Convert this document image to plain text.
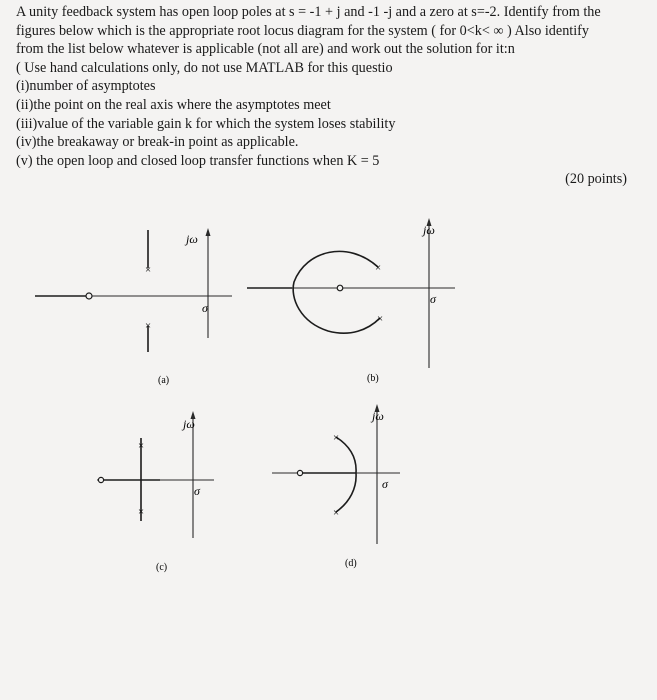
A unity feedback system has open loop poles at s = -1 + j and -1 -j and a zero at s=-2. Identify from the
figures below which is the appropriate root locus diagram for the system ( for 0<k< ∞ ) Also identify
from the list below whatever is applicable (not all are) and work out the solution for it:n
( Use hand calculations only, do not use MATLAB for this questio
(i)number of asymptotes
(ii)the point on the real axis where the asymptotes meet
(iii)value of the variable gain k for which the system loses stability
(iv)the breakaway or break-in point as applicable.
(v) the open loop and closed loop transfer functions when K = 5
(20 points)
jω
σ
×
×
(a)
jω
σ
×
×
(b)
jω
σ
×
×
(c)
jω
σ
×
×
(d)
